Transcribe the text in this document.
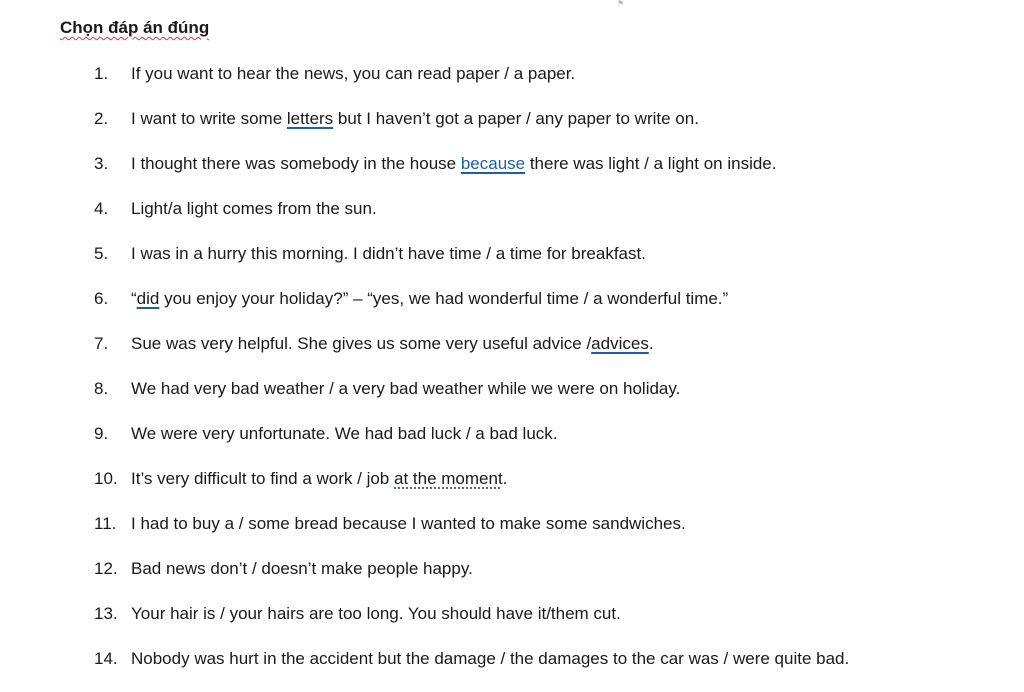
⚑
Chọn đáp án đúng
1.	If you want to hear the news, you can read paper / a paper.
2.	I want to write some letters but I haven’t got a paper / any paper to write on.
3.	I thought there was somebody in the house because there was light / a light on inside.
4.	Light/a light comes from the sun.
5.	I was in a hurry this morning. I didn’t have time / a time for breakfast.
6.	“did you enjoy your holiday?” – “yes, we had wonderful time / a wonderful time.”
7.	Sue was very helpful. She gives us some very useful advice /advices.
8.	We had very bad weather / a very bad weather while we were on holiday.
9.	We were very unfortunate. We had bad luck / a bad luck.
10. It’s very difficult to find a work / job at the moment.
11. I had to buy a / some bread because I wanted to make some sandwiches.
12. Bad news don’t / doesn’t make people happy.
13. Your hair is / your hairs are too long. You should have it/them cut.
14. Nobody was hurt in the accident but the damage / the damages to the car was / were quite bad.
